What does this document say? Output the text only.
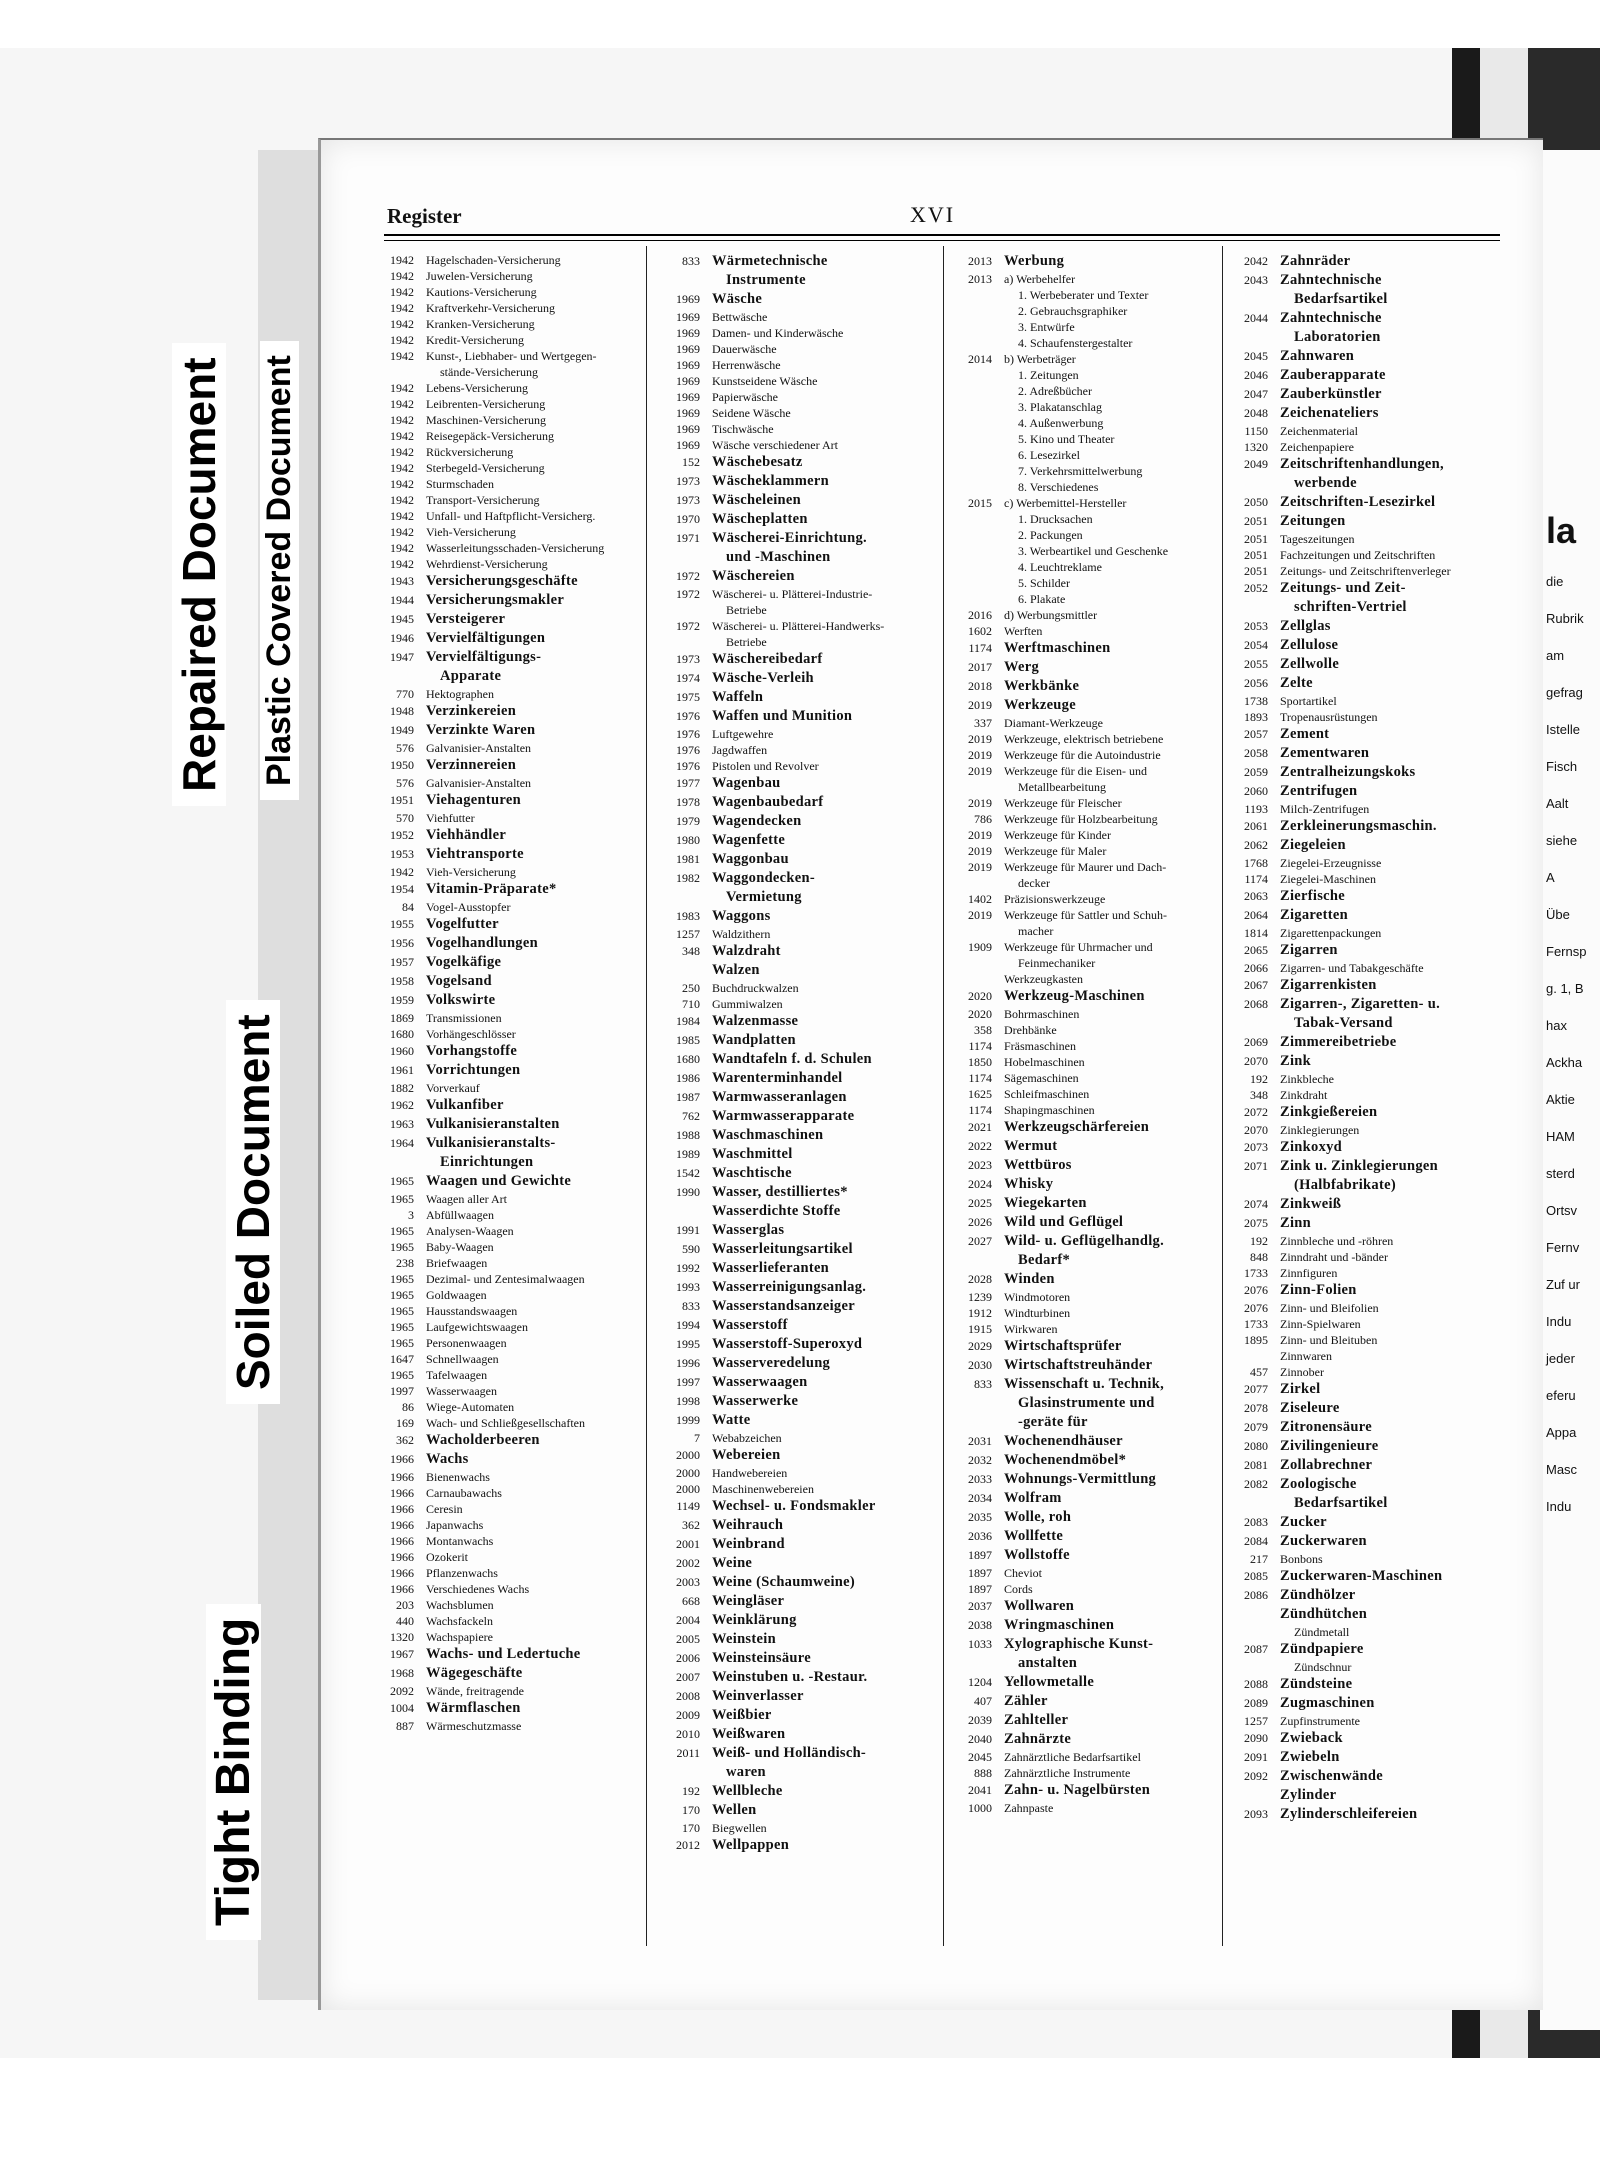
la
die
Rubrik
am
gefrag
Istelle
Fisch
Aalt
siehe
A
Übe
Fernsp
g. 1, B
hax
Ackha
Aktie
HAM
sterd
Ortsv
Fernv
Zuf ur
Indu
jeder
eferu
Appa
Masc
Indu
Repaired Document Plastic Covered Document
Soiled Document
Tight Binding
Register	XVI
1942	Hagelschaden-Versicherung
1942	Juwelen-Versicherung
1942	Kautions-Versicherung
1942	Kraftverkehr-Versicherung
1942	Kranken-Versicherung
1942	Kredit-Versicherung
1942	Kunst-, Liebhaber- und Wertgegen-
stände-Versicherung
1942	Lebens-Versicherung
1942	Leibrenten-Versicherung
1942	Maschinen-Versicherung
1942	Reisegepäck-Versicherung
1942	Rückversicherung
1942	Sterbegeld-Versicherung
1942	Sturmschaden
1942	Transport-Versicherung
1942	Unfall- und Haftpflicht-Versicherg.
1942	Vieh-Versicherung
1942	Wasserleitungsschaden-Versicherung
1942	Wehrdienst-Versicherung
1943 Versicherungsgeschäfte
1944 Versicherungsmakler
1945 Versteigerer
1946 Vervielfältigungen
1947 Vervielfältigungs-
Apparate
770	Hektographen
1948 Verzinkereien
1949 Verzinkte Waren
576	Galvanisier-Anstalten
1950 Verzinnereien
576	Galvanisier-Anstalten
1951 Viehagenturen
570	Viehfutter
1952 Viehhändler
1953 Viehtransporte
1942	Vieh-Versicherung
1954 Vitamin-Präparate*
84	Vogel-Ausstopfer
1955 Vogelfutter
1956 Vogelhandlungen
1957 Vogelkäfige
1958 Vogelsand
1959 Volkswirte
1869	Transmissionen
1680	Vorhängeschlösser
1960 Vorhangstoffe
1961 Vorrichtungen
1882	Vorverkauf
1962 Vulkanfiber
1963 Vulkanisieranstalten
1964 Vulkanisieranstalts-
Einrichtungen
1965 Waagen und Gewichte
1965	Waagen aller Art
3	Abfüllwaagen
1965	Analysen-Waagen
1965	Baby-Waagen
238	Briefwaagen
1965	Dezimal- und Zentesimalwaagen
1965	Goldwaagen
1965	Hausstandswaagen
1965	Laufgewichtswaagen
1965	Personenwaagen
1647	Schnellwaagen
1965	Tafelwaagen
1997	Wasserwaagen
86	Wiege-Automaten
169	Wach- und Schließgesellschaften
362 Wacholderbeeren
1966 Wachs
1966	Bienenwachs
1966	Carnaubawachs
1966	Ceresin
1966	Japanwachs
1966	Montanwachs
1966	Ozokerit
1966	Pflanzenwachs
1966	Verschiedenes Wachs
203	Wachsblumen
440	Wachsfackeln
1320	Wachspapiere
1967 Wachs- und Ledertuche
1968 Wägegeschäfte
2092	Wände, freitragende
1004 Wärmflaschen
887	Wärmeschutzmasse
833 Wärmetechnische
Instrumente
1969 Wäsche
1969	Bettwäsche
1969	Damen- und Kinderwäsche
1969	Dauerwäsche
1969	Herrenwäsche
1969	Kunstseidene Wäsche
1969	Papierwäsche
1969	Seidene Wäsche
1969	Tischwäsche
1969	Wäsche verschiedener Art
152 Wäschebesatz
1973 Wäscheklammern
1973 Wäscheleinen
1970 Wäscheplatten
1971 Wäscherei-Einrichtung.
und -Maschinen
1972 Wäschereien
1972	Wäscherei- u. Plätterei-Industrie-
Betriebe
1972	Wäscherei- u. Plätterei-Handwerks-
Betriebe
1973 Wäschereibedarf
1974 Wäsche-Verleih
1975 Waffeln
1976 Waffen und Munition
1976	Luftgewehre
1976	Jagdwaffen
1976	Pistolen und Revolver
1977 Wagenbau
1978 Wagenbaubedarf
1979 Wagendecken
1980 Wagenfette
1981 Waggonbau
1982 Waggondecken-
Vermietung
1983 Waggons
1257	Waldzithern
348 Walzdraht
Walzen
250	Buchdruckwalzen
710	Gummiwalzen
1984 Walzenmasse
1985 Wandplatten
1680 Wandtafeln f. d. Schulen
1986 Warenterminhandel
1987 Warmwasseranlagen
762 Warmwasserapparate
1988 Waschmaschinen
1989 Waschmittel
1542 Waschtische
1990 Wasser, destilliertes*
Wasserdichte Stoffe
1991 Wasserglas
590 Wasserleitungsartikel
1992 Wasserlieferanten
1993 Wasserreinigungsanlag.
833 Wasserstandsanzeiger
1994 Wasserstoff
1995 Wasserstoff-Superoxyd
1996 Wasserveredelung
1997 Wasserwaagen
1998 Wasserwerke
1999 Watte
7	Webabzeichen
2000 Webereien
2000	Handwebereien
2000	Maschinenwebereien
1149 Wechsel- u. Fondsmakler
362 Weihrauch
2001 Weinbrand
2002 Weine
2003 Weine (Schaumweine)
668 Weingläser
2004 Weinklärung
2005 Weinstein
2006 Weinsteinsäure
2007 Weinstuben u. -Restaur.
2008 Weinverlasser
2009 Weißbier
2010 Weißwaren
2011 Weiß- und Holländisch-
waren
192 Wellbleche
170 Wellen
170	Biegwellen
2012 Wellpappen
2013 Werbung
2013	a) Werbehelfer
1. Werbeberater und Texter
2. Gebrauchsgraphiker
3. Entwürfe
4. Schaufenstergestalter
2014	b) Werbeträger
1. Zeitungen
2. Adreßbücher
3. Plakatanschlag
4. Außenwerbung
5. Kino und Theater
6. Lesezirkel
7. Verkehrsmittelwerbung
8. Verschiedenes
2015	c) Werbemittel-Hersteller
1. Drucksachen
2. Packungen
3. Werbeartikel und Geschenke
4. Leuchtreklame
5. Schilder
6. Plakate
2016	d) Werbungsmittler
1602	Werften
1174 Werftmaschinen
2017 Werg
2018 Werkbänke
2019 Werkzeuge
337	Diamant-Werkzeuge
2019	Werkzeuge, elektrisch betriebene
2019	Werkzeuge für die Autoindustrie
2019	Werkzeuge für die Eisen- und
Metallbearbeitung
2019	Werkzeuge für Fleischer
786	Werkzeuge für Holzbearbeitung
2019	Werkzeuge für Kinder
2019	Werkzeuge für Maler
2019	Werkzeuge für Maurer und Dach-
decker
1402	Präzisionswerkzeuge
2019	Werkzeuge für Sattler und Schuh-
macher
1909	Werkzeuge für Uhrmacher und
Feinmechaniker
Werkzeugkasten
2020 Werkzeug-Maschinen
2020	Bohrmaschinen
358	Drehbänke
1174	Fräsmaschinen
1850	Hobelmaschinen
1174	Sägemaschinen
1625	Schleifmaschinen
1174	Shapingmaschinen
2021 Werkzeugschärfereien
2022 Wermut
2023 Wettbüros
2024 Whisky
2025 Wiegekarten
2026 Wild und Geflügel
2027 Wild- u. Geflügelhandlg.
Bedarf*
2028 Winden
1239	Windmotoren
1912	Windturbinen
1915	Wirkwaren
2029 Wirtschaftsprüfer
2030 Wirtschaftstreuhänder
833 Wissenschaft u. Technik,
Glasinstrumente und
-geräte für
2031 Wochenendhäuser
2032 Wochenendmöbel*
2033 Wohnungs-Vermittlung
2034 Wolfram
2035 Wolle, roh
2036 Wollfette
1897 Wollstoffe
1897	Cheviot
1897	Cords
2037 Wollwaren
2038 Wringmaschinen
1033 Xylographische Kunst-
anstalten
1204 Yellowmetalle
407 Zähler
2039 Zahlteller
2040 Zahnärzte
2045	Zahnärztliche Bedarfsartikel
888	Zahnärztliche Instrumente
2041 Zahn- u. Nagelbürsten
1000	Zahnpaste
2042 Zahnräder
2043 Zahntechnische
Bedarfsartikel
2044 Zahntechnische
Laboratorien
2045 Zahnwaren
2046 Zauberapparate
2047 Zauberkünstler
2048 Zeichenateliers
1150	Zeichenmaterial
1320	Zeichenpapiere
2049 Zeitschriftenhandlungen,
werbende
2050 Zeitschriften-Lesezirkel
2051 Zeitungen
2051	Tageszeitungen
2051	Fachzeitungen und Zeitschriften
2051	Zeitungs- und Zeitschriftenverleger
2052 Zeitungs- und Zeit-
schriften-Vertriel
2053 Zellglas
2054 Zellulose
2055 Zellwolle
2056 Zelte
1738	Sportartikel
1893	Tropenausrüstungen
2057 Zement
2058 Zementwaren
2059 Zentralheizungskoks
2060 Zentrifugen
1193	Milch-Zentrifugen
2061 Zerkleinerungsmaschin.
2062 Ziegeleien
1768	Ziegelei-Erzeugnisse
1174	Ziegelei-Maschinen
2063 Zierfische
2064 Zigaretten
1814	Zigarettenpackungen
2065 Zigarren
2066	Zigarren- und Tabakgeschäfte
2067 Zigarrenkisten
2068 Zigarren-, Zigaretten- u.
Tabak-Versand
2069 Zimmereibetriebe
2070 Zink
192	Zinkbleche
348	Zinkdraht
2072 Zinkgießereien
2070	Zinklegierungen
2073 Zinkoxyd
2071 Zink u. Zinklegierungen
(Halbfabrikate)
2074 Zinkweiß
2075 Zinn
192	Zinnbleche und -röhren
848	Zinndraht und -bänder
1733	Zinnfiguren
2076 Zinn-Folien
2076	Zinn- und Bleifolien
1733	Zinn-Spielwaren
1895	Zinn- und Bleituben
Zinnwaren
457	Zinnober
2077 Zirkel
2078 Ziseleure
2079 Zitronensäure
2080 Zivilingenieure
2081 Zollabrechner
2082 Zoologische
Bedarfsartikel
2083 Zucker
2084 Zuckerwaren
217	Bonbons
2085 Zuckerwaren-Maschinen
2086 Zündhölzer
Zündhütchen
Zündmetall
2087 Zündpapiere
Zündschnur
2088 Zündsteine
2089 Zugmaschinen
1257	Zupfinstrumente
2090 Zwieback
2091 Zwiebeln
2092 Zwischenwände
Zylinder
2093 Zylinderschleifereien
